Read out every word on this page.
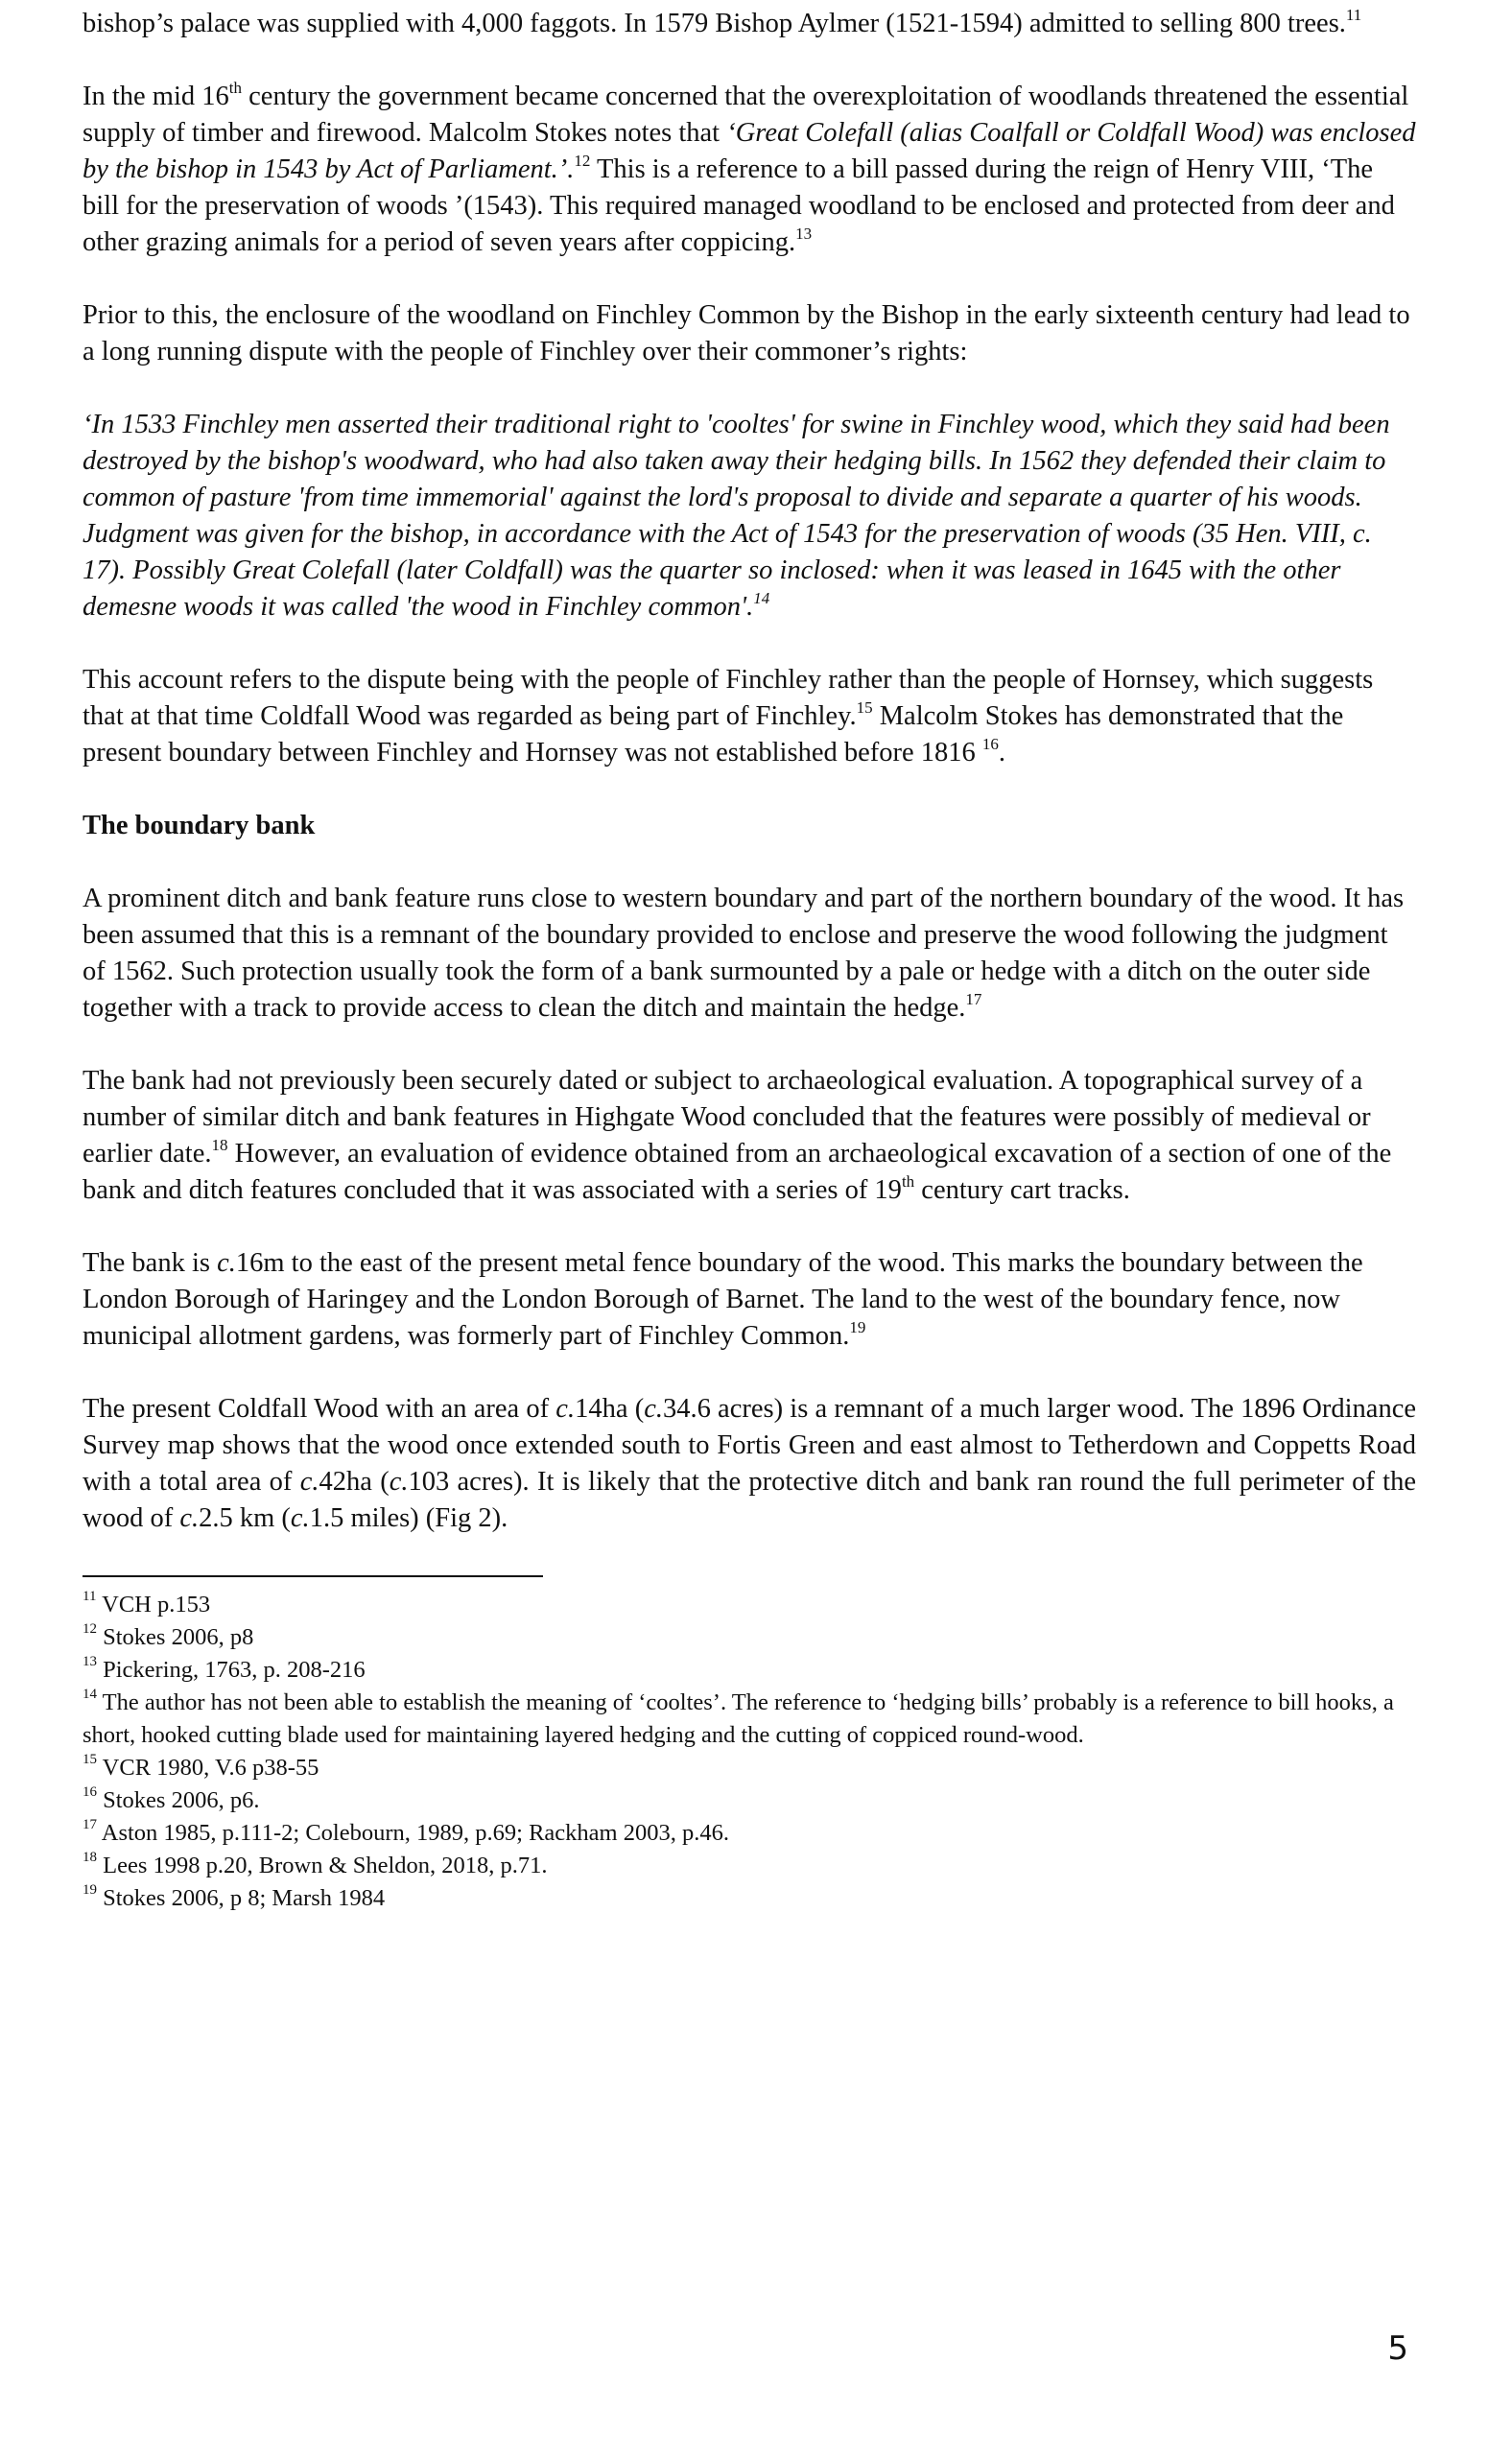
bishop’s palace was supplied with 4,000 faggots. In 1579 Bishop Aylmer (1521-1594) admitted to selling 800 trees.$^{11}$

In the mid 16th century the government became concerned that the overexploitation of woodlands threatened the essential supply of timber and firewood. Malcolm Stokes notes that ‘Great Colefall (alias Coalfall or Coldfall Wood) was enclosed by the bishop in 1543 by Act of Parliament.’.$^{12}$ This is a reference to a bill passed during the reign of Henry VIII, ‘The bill for the preservation of woods ’(1543). This required managed woodland to be enclosed and protected from deer and other grazing animals for a period of seven years after coppicing.$^{13}$

Prior to this, the enclosure of the woodland on Finchley Common by the Bishop in the early sixteenth century had lead to a long running dispute with the people of Finchley over their commoner’s rights:

‘In 1533 Finchley men asserted their traditional right to 'cooltes' for swine in Finchley wood, which they said had been destroyed by the bishop's woodward, who had also taken away their hedging bills. In 1562 they defended their claim to common of pasture 'from time immemorial' against the lord's proposal to divide and separate a quarter of his woods. Judgment was given for the bishop, in accordance with the Act of 1543 for the preservation of woods (35 Hen. VIII, c. 17). Possibly Great Colefall (later Coldfall) was the quarter so inclosed: when it was leased in 1645 with the other demesne woods it was called 'the wood in Finchley common'.$^{14}$

This account refers to the dispute being with the people of Finchley rather than the people of Hornsey, which suggests that at that time Coldfall Wood was regarded as being part of Finchley.$^{15}$ Malcolm Stokes has demonstrated that the present boundary between Finchley and Hornsey was not established before 1816 $^{16}$.

The boundary bank

A prominent ditch and bank feature runs close to western boundary and part of the northern boundary of the wood. It has been assumed that this is a remnant of the boundary provided to enclose and preserve the wood following the judgment of 1562. Such protection usually took the form of a bank surmounted by a pale or hedge with a ditch on the outer side together with a track to provide access to clean the ditch and maintain the hedge.$^{17}$

The bank had not previously been securely dated or subject to archaeological evaluation. A topographical survey of a number of similar ditch and bank features in Highgate Wood concluded that the features were possibly of medieval or earlier date.$^{18}$ However, an evaluation of evidence obtained from an archaeological excavation of a section of one of the bank and ditch features concluded that it was associated with a series of 19th century cart tracks.

The bank is c.16m to the east of the present metal fence boundary of the wood. This marks the boundary between the London Borough of Haringey and the London Borough of Barnet. The land to the west of the boundary fence, now municipal allotment gardens, was formerly part of Finchley Common.$^{19}$

The present Coldfall Wood with an area of c.14ha (c.34.6 acres) is a remnant of a much larger wood. The 1896 Ordinance Survey map shows that the wood once extended south to Fortis Green and east almost to Tetherdown and Coppetts Road with a total area of c.42ha (c.103 acres). It is likely that the protective ditch and bank ran round the full perimeter of the wood of c.2.5 km (c.1.5 miles) (Fig 2).

$^{11}$ VCH p.153

$^{12}$ Stokes 2006, p8

$^{13}$ Pickering, 1763, p. 208-216

$^{14}$ The author has not been able to establish the meaning of ‘cooltes’. The reference to ‘hedging bills’ probably is a reference to bill hooks, a short, hooked cutting blade used for maintaining layered hedging and the cutting of coppiced round-wood.

$^{15}$ VCR 1980, V.6 p38-55

$^{16}$ Stokes 2006, p6.

$^{17}$ Aston 1985, p.111-2; Colebourn, 1989, p.69; Rackham 2003, p.46.

$^{18}$ Lees 1998 p.20, Brown & Sheldon, 2018, p.71.

$^{19}$ Stokes 2006, p 8; Marsh 1984

5
